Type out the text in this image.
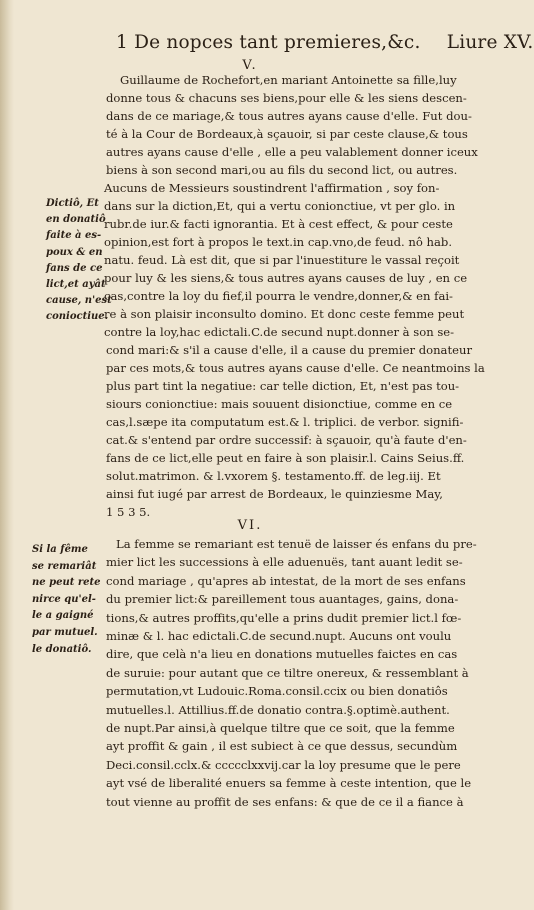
1 De nopces tant premieres,&c. Liure XV.
V.
Guillaume de Rochefort,en mariant Antoinette sa fille,luy
donne tous & chacuns ses biens,pour elle & les siens descen-
dans de ce mariage,& tous autres ayans cause d'elle. Fut dou-
té à la Cour de Bordeaux,à sçauoir, si par ceste clause,& tous
autres ayans cause d'elle , elle a peu valablement donner iceux
biens à son second mari,ou au fils du second lict, ou autres.
Aucuns de Messieurs soustindrent l'affirmation , soy fon-
dans sur la diction,Et, qui a vertu conionctiue, vt per glo. in
rubr.de iur.& facti ignorantia. Et à cest effect, & pour ceste
opinion,est fort à propos le text.in cap.vno,de feud. nô hab.
natu. feud. Là est dit, que si par l'inuestiture le vassal reçoit
pour luy & les siens,& tous autres ayans causes de luy , en ce
cas,contre la loy du fief,il pourra le vendre,donner,& en fai-
re à son plaisir inconsulto domino. Et donc ceste femme peut
contre la loy,hac edictali.C.de secund nupt.donner à son se-
cond mari:& s'il a cause d'elle, il a cause du premier donateur
par ces mots,& tous autres ayans cause d'elle. Ce neantmoins la
plus part tint la negatiue: car telle diction, Et, n'est pas tou-
siours conionctiue: mais souuent disionctiue, comme en ce
cas,l.sæpe ita computatum est.& l. triplici. de verbor. signifi-
cat.& s'entend par ordre successif: à sçauoir, qu'à faute d'en-
fans de ce lict,elle peut en faire à son plaisir.l. Cains Seius.ff.
solut.matrimon. & l.vxorem §. testamento.ff. de leg.iij. Et
ainsi fut iugé par arrest de Bordeaux, le quinziesme May,
1 5 3 5.
Dictiô, Et
en donatiô
faite à es-
poux & en
fans de ce
lict,et ayât
cause, n'est
conioctiue.
VI.
La femme se remariant est tenuë de laisser és enfans du pre-
mier lict les successions à elle aduenuës, tant auant ledit se-
cond mariage , qu'apres ab intestat, de la mort de ses enfans
du premier lict:& pareillement tous auantages, gains, dona-
tions,& autres proffits,qu'elle a prins dudit premier lict.l fœ-
minæ & l. hac edictali.C.de secund.nupt. Aucuns ont voulu
dire, que celà n'a lieu en donations mutuelles faictes en cas
de suruie: pour autant que ce tiltre onereux, & ressemblant à
permutation,vt Ludouic.Roma.consil.ccix ou bien donatiôs
mutuelles.l. Attillius.ff.de donatio contra.§.optimè.authent.
de nupt.Par ainsi,à quelque tiltre que ce soit, que la femme
ayt proffit & gain , il est subiect à ce que dessus, secundùm
Deci.consil.cclx.& ccccclxxvij.car la loy presume que le pere
ayt vsé de liberalité enuers sa femme à ceste intention, que le
tout vienne au proffit de ses enfans: & que de ce il a fiance à
Si la fême
se remariât
ne peut rete
nirce qu'el-
le a gaigné
par mutuel.
le donatiô.
